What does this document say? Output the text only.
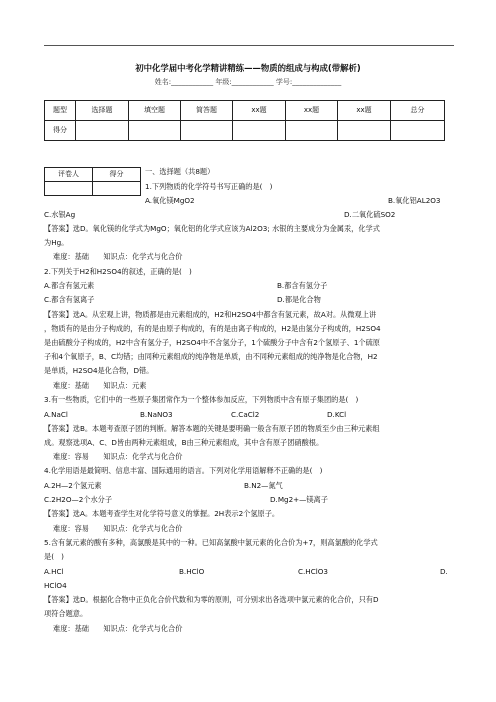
初中化学届中考化学精讲精练——物质的组成与构成(带解析)
姓名:____________ 年级:____________ 学号:______________
题型	选择题	填空题	简答题	xx题	xx题	xx题	总分
得分							
评卷人	得分
		一、选择题（共8题）
1.下列物质的化学符号书写正确的是(　)
A.氧化镁MgO2	B.氧化铝AL2O3
C.水银Ag	D.二氧化硫SO2
【答案】选D。氧化镁的化学式为MgO；氧化铝的化学式应该为Al2O3; 水银的主要成分为金属汞，化学式
为Hg。
难度：基础　　知识点：化学式与化合价
2.下列关于H2和H2SO4的叙述，正确的是(　)
A.都含有氢元素	B.都含有氢分子
C.都含有氢离子	D.都是化合物
【答案】选A。从宏观上讲，物质都是由元素组成的，H2和H2SO4中都含有氢元素，故A对。从微观上讲
，物质有的是由分子构成的，有的是由原子构成的，有的是由离子构成的，H2是由氢分子构成的，H2SO4
是由硫酸分子构成的，H2中含有氢分子，H2SO4中不含氢分子，1个硫酸分子中含有2个氢原子、1个硫原
子和4个氧原子，B、C均错；由同种元素组成的纯净物是单质，由不同种元素组成的纯净物是化合物，H2
是单质，H2SO4是化合物，D错。
难度：基础　　知识点：元素
3.有一些物质，它们中的一些原子集团常作为一个整体参加反应，下列物质中含有原子集团的是(　)
A.NaCl	B.NaNO3	C.CaCl2	D.KCl
【答案】选B。本题考查原子团的判断。解答本题的关键是要明确一般含有原子团的物质至少由三种元素组
成。观察选项A、C、D皆由两种元素组成，B由三种元素组成，其中含有原子团硝酸根。
难度：容易　　知识点：化学式与化合价
4.化学用语是最简明、信息丰富、国际通用的语言。下列对化学用语解释不正确的是(　)
A.2H—2个氢元素	B.N2—氮气
C.2H2O—2个水分子	D.Mg2+—镁离子
【答案】选A。本题考查学生对化学符号意义的掌握。2H表示2个氢原子。
难度：容易　　知识点：化学式与化合价
5.含有氯元素的酸有多种，高氯酸是其中的一种。已知高氯酸中氯元素的化合价为+7，则高氯酸的化学式
是(　)
A.HCl	B.HClO	C.HClO3	D.
HClO4
【答案】选D。根据化合物中正负化合价代数和为零的原则，可分别求出各选项中氯元素的化合价，只有D
项符合题意。
难度：基础　　知识点：化学式与化合价
